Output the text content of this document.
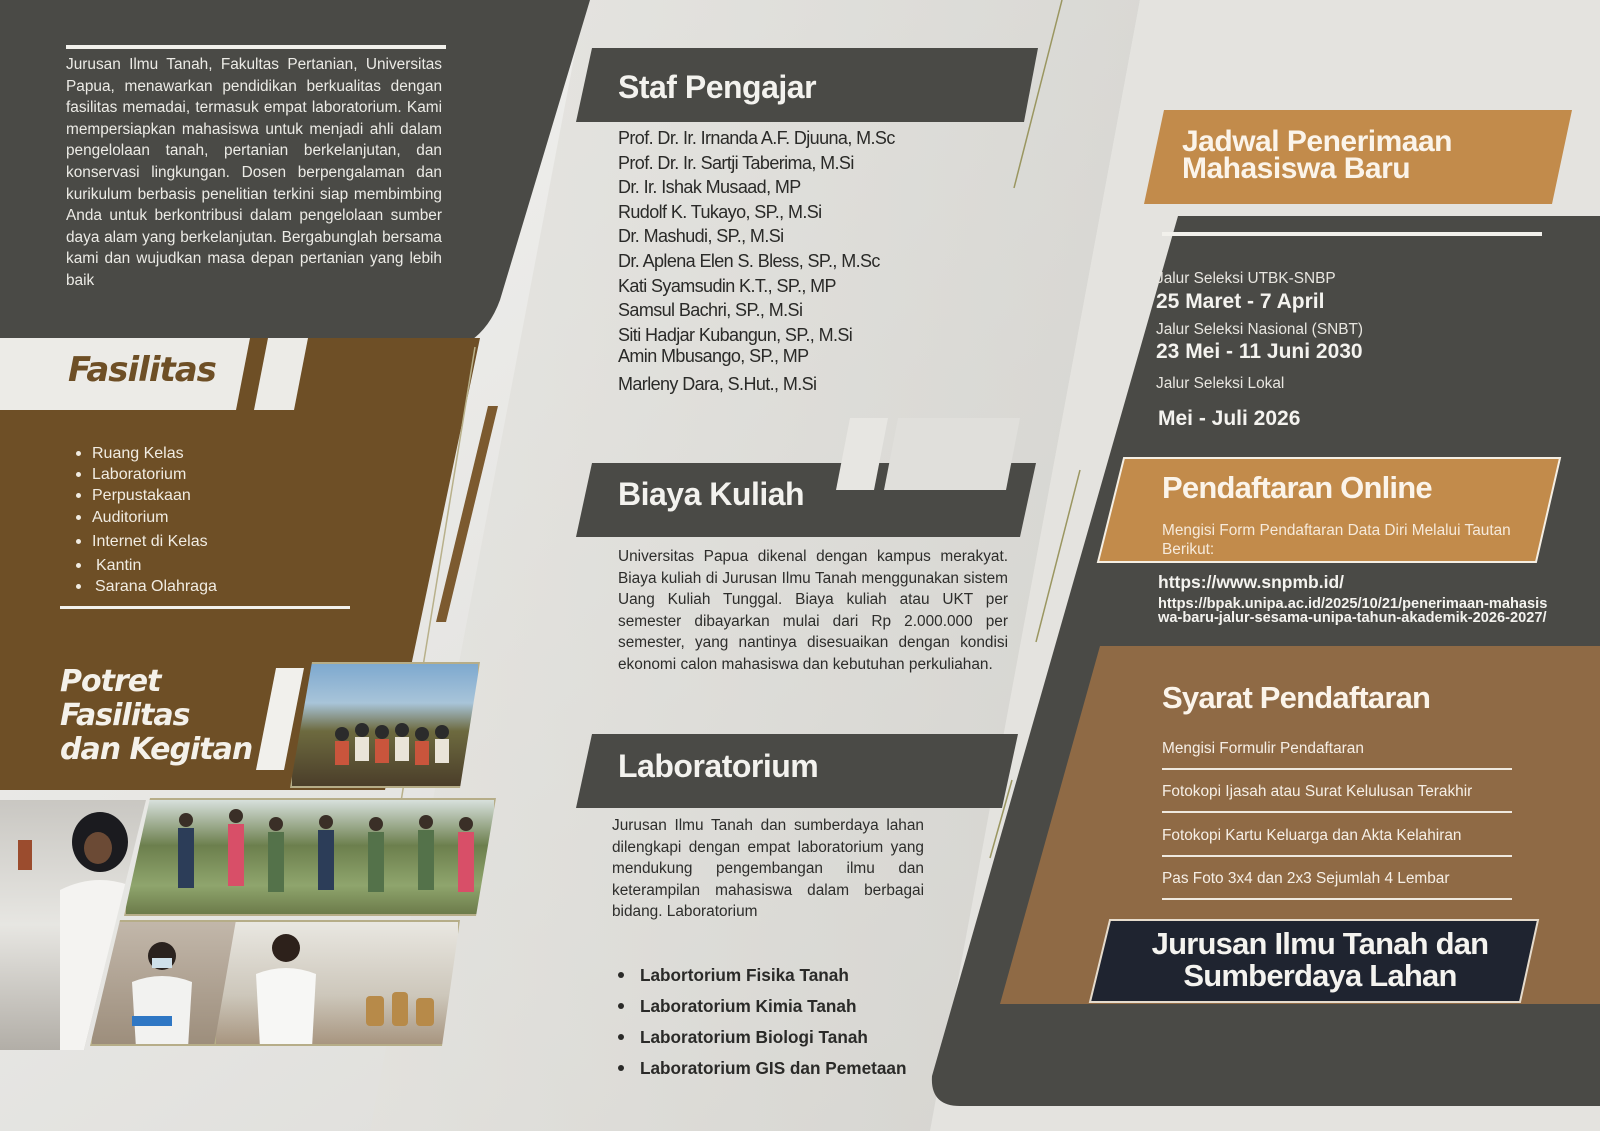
Jurusan Ilmu Tanah, Fakultas Pertanian, Universitas Papua, menawarkan pendidikan berkualitas dengan fasilitas memadai, termasuk empat laboratorium. Kami mempersiapkan mahasiswa untuk menjadi ahli dalam pengelolaan tanah, pertanian berkelanjutan, dan konservasi lingkungan. Dosen berpengalaman dan kurikulum berbasis penelitian terkini siap membimbing Anda untuk berkontribusi dalam pengelolaan sumber daya alam yang berkelanjutan. Bergabunglah bersama kami dan wujudkan masa depan pertanian yang lebih baik

Fasilitas
Ruang Kelas
Laboratorium
Perpustakaan
Auditorium
Internet di Kelas
Kantin
Sarana Olahraga
Potret
Fasilitas
dan Kegitan
Staf Pengajar
Prof. Dr. Ir. Irnanda A.F. Djuuna, M.Sc
Prof. Dr. Ir. Sartji Taberima, M.Si
Dr. Ir. Ishak Musaad, MP
Rudolf K. Tukayo, SP., M.Si
Dr. Mashudi, SP., M.Si
Dr. Aplena Elen S. Bless, SP., M.Sc
Kati Syamsudin K.T., SP., MP
Samsul Bachri, SP., M.Si
Siti Hadjar Kubangun, SP., M.Si
Amin Mbusango, SP., MP
Marleny Dara, S.Hut., M.Si
Biaya Kuliah

Universitas Papua dikenal dengan kampus merakyat. Biaya kuliah di Jurusan Ilmu Tanah menggunakan sistem Uang Kuliah Tunggal. Biaya kuliah atau UKT per semester dibayarkan mulai dari Rp 2.000.000 per semester, yang nantinya disesuaikan dengan kondisi ekonomi calon mahasiswa dan kebutuhan perkuliahan.

Laboratorium

Jurusan Ilmu Tanah dan sumberdaya lahan dilengkapi dengan empat laboratorium yang mendukung pengembangan ilmu dan keterampilan mahasiswa dalam berbagai bidang. Laboratorium

Labortorium Fisika Tanah
Laboratorium Kimia Tanah
Laboratorium Biologi Tanah
Laboratorium GIS dan Pemetaan
Jadwal Penerimaan
Mahasiswa Baru
Jalur Seleksi UTBK-SNBP
25 Maret - 7 April
Jalur Seleksi Nasional (SNBT)
23 Mei - 11 Juni 2030
Jalur Seleksi Lokal
Mei - Juli 2026
Pendaftaran Online
Mengisi Form Pendaftaran Data Diri Melalui Tautan Berikut:
https://www.snpmb.id/
https://bpak.unipa.ac.id/2025/10/21/penerimaan-mahasiswa-baru-jalur-sesama-unipa-tahun-akademik-2026-2027/
Syarat Pendaftaran
Mengisi Formulir Pendaftaran
Fotokopi Ijasah atau Surat Kelulusan Terakhir
Fotokopi Kartu Keluarga dan Akta Kelahiran
Pas Foto 3x4 dan 2x3 Sejumlah 4 Lembar
Jurusan Ilmu Tanah dan
Sumberdaya Lahan
